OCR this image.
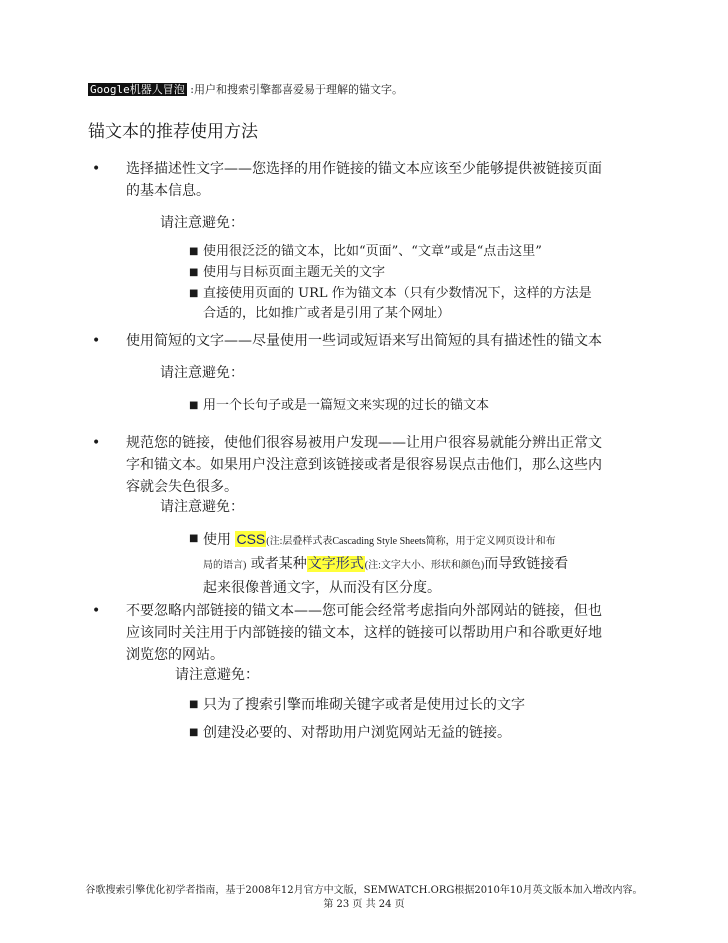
Google机器人冒泡 :用户和搜索引擎都喜爱易于理解的锚文字。
锚文本的推荐使用方法
• 选择描述性文字——您选择的用作链接的锚文本应该至少能够提供被链接页面
的基本信息。
请注意避免：
■ 使用很泛泛的锚文本，比如“页面”、“文章”或是“点击这里”
■ 使用与目标页面主题无关的文字
■ 直接使用页面的 URL 作为锚文本（只有少数情况下，这样的方法是
合适的，比如推广或者是引用了某个网址）
• 使用简短的文字——尽量使用一些词或短语来写出简短的具有描述性的锚文本
请注意避免：
■ 用一个长句子或是一篇短文来实现的过长的锚文本
• 规范您的链接，使他们很容易被用户发现——让用户很容易就能分辨出正常文
字和锚文本。如果用户没注意到该链接或者是很容易误点击他们，那么这些内
容就会失色很多。
请注意避免：
■ 使用 CSS(注:层叠样式表Cascading Style Sheets简称，用于定义网页设计和布
局的语言) 或者某种文字形式(注:文字大小、形状和颜色)而导致链接看
起来很像普通文字，从而没有区分度。
• 不要忽略内部链接的锚文本——您可能会经常考虑指向外部网站的链接，但也
应该同时关注用于内部链接的锚文本，这样的链接可以帮助用户和谷歌更好地
浏览您的网站。
请注意避免：
■ 只为了搜索引擎而堆砌关键字或者是使用过长的文字
■ 创建没必要的、对帮助用户浏览网站无益的链接。
谷歌搜索引擎优化初学者指南，基于2008年12月官方中文版，SEMWATCH.ORG根据2010年10月英文版本加入增改内容。
第 23 页 共 24 页
